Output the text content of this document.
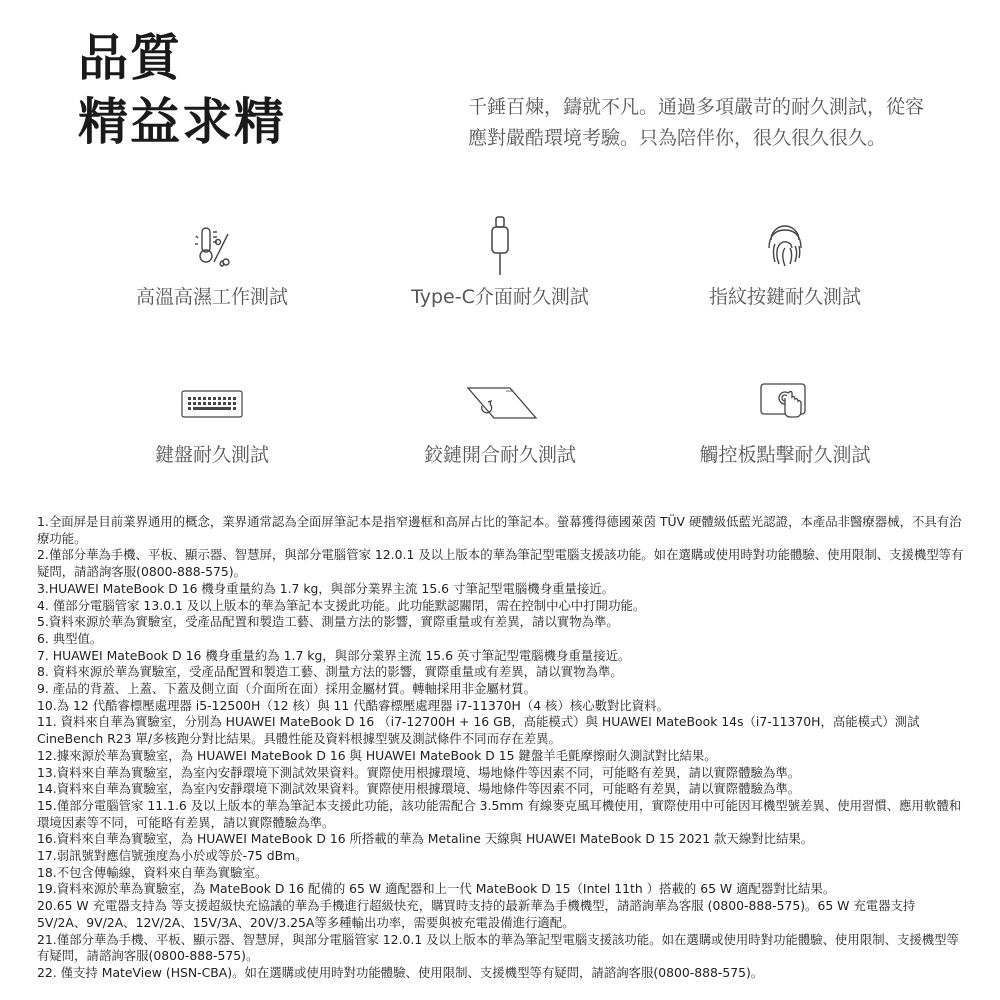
品質
精益求精	千錘百煉，鑄就不凡。通過多項嚴苛的耐久測試，從容
應對嚴酷環境考驗。只為陪伴你，很久很久很久。
高溫高濕工作測試	Type-C介面耐久測試	指紋按鍵耐久測試
鍵盤耐久測試	鉸鏈開合耐久測試	觸控板點擊耐久測試

1.全面屏是目前業界通用的概念，業界通常認為全面屏筆記本是指窄邊框和高屏占比的筆記本。螢幕獲得德國萊茵 TÜV 硬體級低藍光認證，本產品非醫療器械，不具有治療功能。

2.僅部分華為手機、平板、顯示器、智慧屏，與部分電腦管家 12.0.1 及以上版本的華為筆記型電腦支援該功能。如在選購或使用時對功能體驗、使用限制、支援機型等有疑問，請諮詢客服(0800-888-575)。

3.HUAWEI MateBook D 16 機身重量約為 1.7 kg，與部分業界主流 15.6 寸筆記型電腦機身重量接近。

4. 僅部分電腦管家 13.0.1 及以上版本的華為筆記本支援此功能。此功能默認關閉，需在控制中心中打開功能。

5.資料來源於華為實驗室，受產品配置和製造工藝、測量方法的影響，實際重量或有差異，請以實物為準。

6. 典型值。

7. HUAWEI MateBook D 16 機身重量約為 1.7 kg，與部分業界主流 15.6 英寸筆記型電腦機身重量接近。

8. 資料來源於華為實驗室，受產品配置和製造工藝、測量方法的影響，實際重量或有差異，請以實物為準。

9. 產品的背蓋、上蓋、下蓋及側立面（介面所在面）採用金屬材質。轉軸採用非金屬材質。

10.為 12 代酷睿標壓處理器 i5-12500H（12 核）與 11 代酷睿標壓處理器 i7-11370H（4 核）核心數對比資料。

11. 資料來自華為實驗室，分別為 HUAWEI MateBook D 16 （i7-12700H + 16 GB，高能模式）與 HUAWEI MateBook 14s（i7-11370H，高能模式）測試 CineBench R23 單/多核跑分對比結果。具體性能及資料根據型號及測試條件不同而存在差異。

12.據來源於華為實驗室，為 HUAWEI MateBook D 16 與 HUAWEI MateBook D 15 鍵盤羊毛氈摩擦耐久測試對比結果。

13.資料來自華為實驗室，為室內安靜環境下測試效果資料。實際使用根據環境、場地條件等因素不同，可能略有差異，請以實際體驗為準。

14.資料來自華為實驗室，為室內安靜環境下測試效果資料。實際使用根據環境、場地條件等因素不同，可能略有差異，請以實際體驗為準。

15.僅部分電腦管家 11.1.6 及以上版本的華為筆記本支援此功能，該功能需配合 3.5mm 有線麥克風耳機使用，實際使用中可能因耳機型號差異、使用習慣、應用軟體和環境因素等不同，可能略有差異，請以實際體驗為準。

16.資料來自華為實驗室，為 HUAWEI MateBook D 16 所搭載的華為 Metaline 天線與 HUAWEI MateBook D 15 2021 款天線對比結果。

17.弱訊號對應信號強度為小於或等於-75 dBm。

18.不包含傳輸線，資料來自華為實驗室。

19.資料來源於華為實驗室，為 MateBook D 16 配備的 65 W 適配器和上一代 MateBook D 15（Intel 11th ）搭載的 65 W 適配器對比結果。

20.65 W 充電器支持為 等支援超級快充協議的華為手機進行超級快充，購買時支持的最新華為手機機型，請諮詢華為客服 (0800-888-575)。65 W 充電器支持 5V/2A、9V/2A、12V/2A、15V/3A、20V/3.25A等多種輸出功率，需要與被充電設備進行適配。

21.僅部分華為手機、平板、顯示器、智慧屏，與部分電腦管家 12.0.1 及以上版本的華為筆記型電腦支援該功能。如在選購或使用時對功能體驗、使用限制、支援機型等有疑問，請諮詢客服(0800-888-575)。

22. 僅支持 MateView (HSN-CBA)。如在選購或使用時對功能體驗、使用限制、支援機型等有疑問，請諮詢客服(0800-888-575)。
